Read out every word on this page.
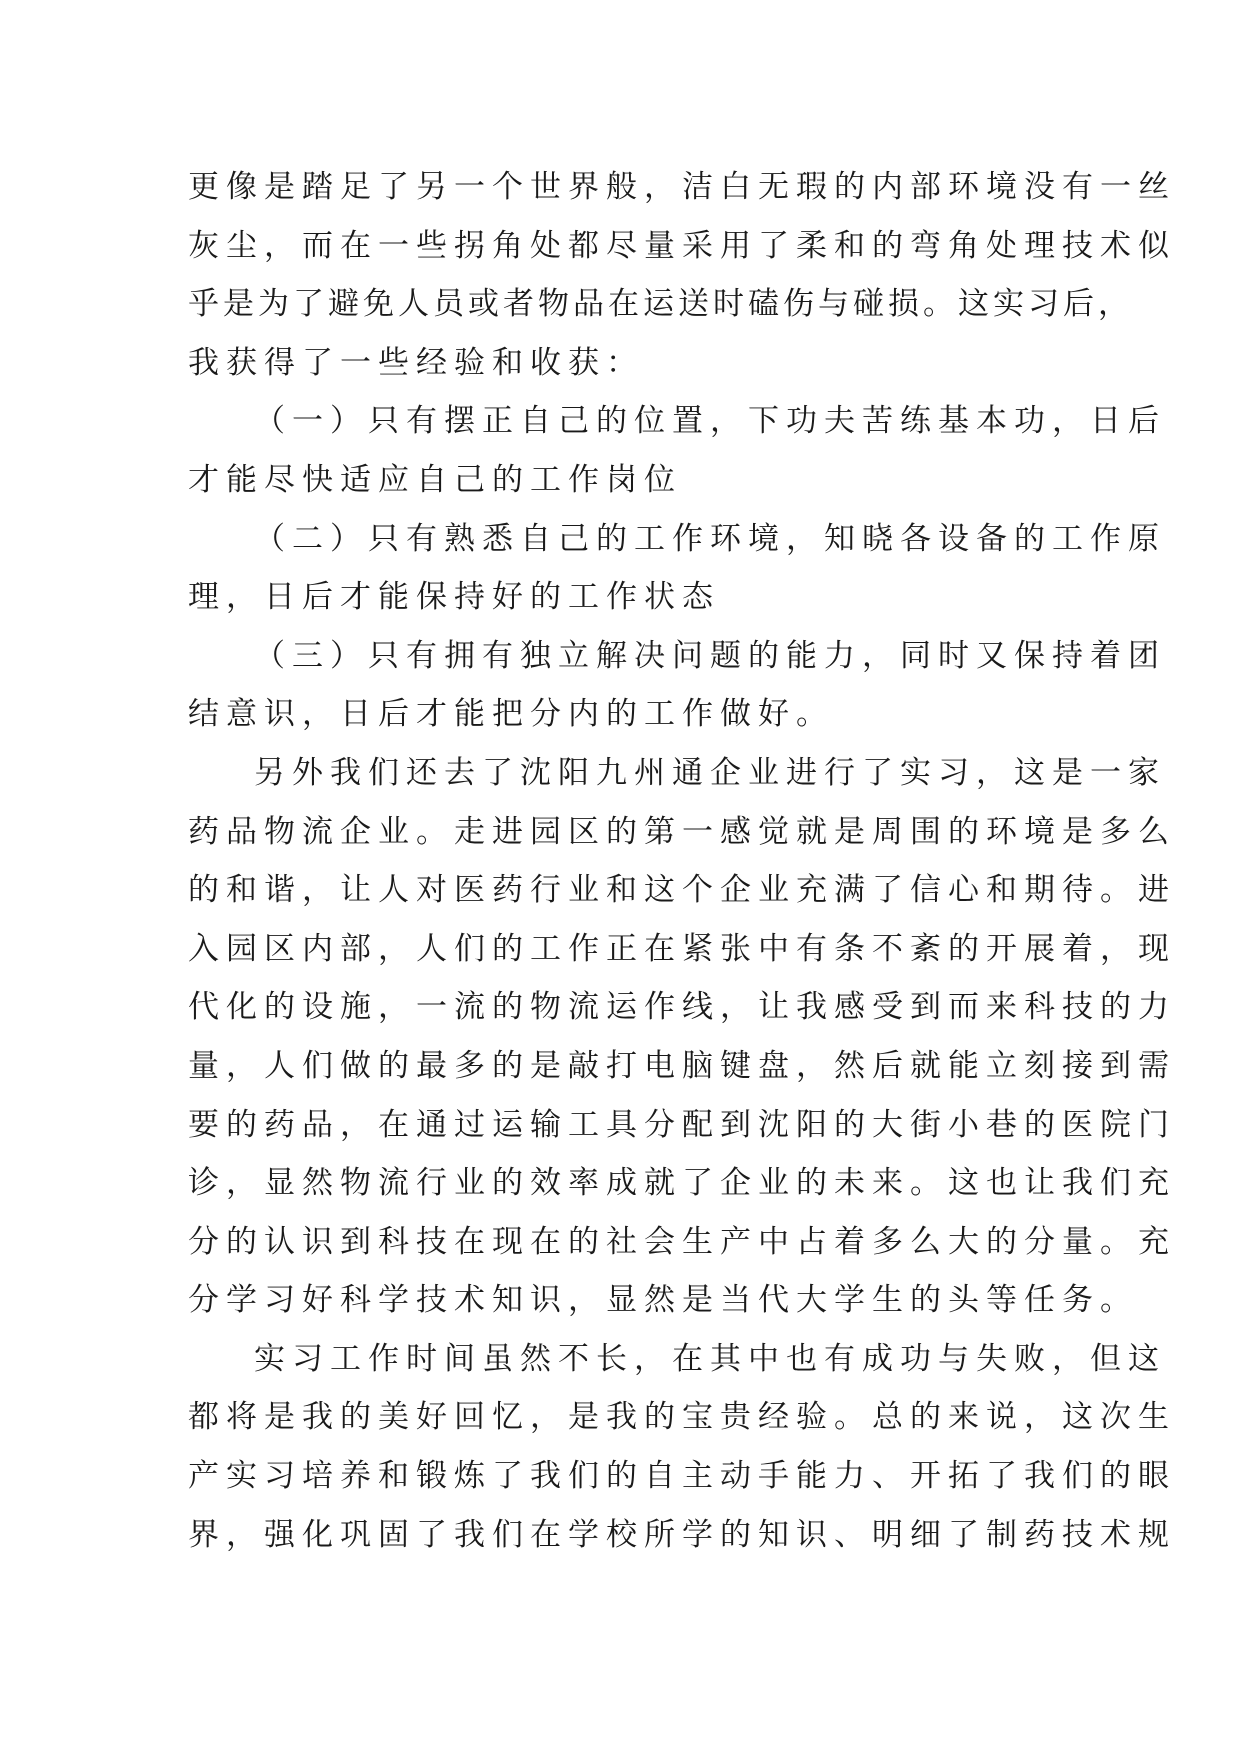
更像是踏足了另一个世界般，洁白无瑕的内部环境没有一丝
灰尘，而在一些拐角处都尽量采用了柔和的弯角处理技术似
乎是为了避免人员或者物品在运送时磕伤与碰损。这实习后，
我获得了一些经验和收获：
（一）只有摆正自己的位置，下功夫苦练基本功，日后
才能尽快适应自己的工作岗位
（二）只有熟悉自己的工作环境，知晓各设备的工作原
理，日后才能保持好的工作状态
（三）只有拥有独立解决问题的能力，同时又保持着团
结意识，日后才能把分内的工作做好。
另外我们还去了沈阳九州通企业进行了实习，这是一家
药品物流企业。走进园区的第一感觉就是周围的环境是多么
的和谐，让人对医药行业和这个企业充满了信心和期待。进
入园区内部，人们的工作正在紧张中有条不紊的开展着，现
代化的设施，一流的物流运作线，让我感受到而来科技的力
量，人们做的最多的是敲打电脑键盘，然后就能立刻接到需
要的药品，在通过运输工具分配到沈阳的大街小巷的医院门
诊，显然物流行业的效率成就了企业的未来。这也让我们充
分的认识到科技在现在的社会生产中占着多么大的分量。充
分学习好科学技术知识，显然是当代大学生的头等任务。
实习工作时间虽然不长，在其中也有成功与失败，但这
都将是我的美好回忆，是我的宝贵经验。总的来说，这次生
产实习培养和锻炼了我们的自主动手能力、开拓了我们的眼
界，强化巩固了我们在学校所学的知识、明细了制药技术规
